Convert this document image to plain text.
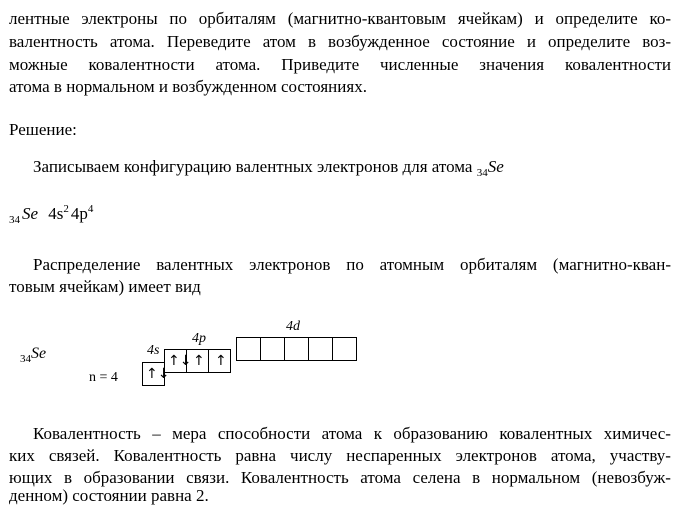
лентные электроны по орбиталям (магнитно-квантовым ячейкам) и определите ко-
валентность атома. Переведите атом в возбужденное состояние и определите воз-
можные ковалентности атома. Приведите численные значения ковалентности
атома в нормальном и возбужденном состояниях.
Решение:
Записываем конфигурацию валентных электронов для атома $_{34}$Se
$_{34}$ Se $4s^2$ $4p^4$
Распределение валентных электронов по атомным орбиталям (магнитно-кван-
товым ячейкам) имеет вид
$_{34}$Se
n = 4
4s
4p
4d
↑↓
↑↓ ↑ ↑
Ковалентность – мера способности атома к образованию ковалентных химичес-
ких связей. Ковалентность равна числу неспаренных электронов атома, участву-
ющих в образовании связи. Ковалентность атома селена в нормальном (невозбуж-
денном) состоянии равна 2.
